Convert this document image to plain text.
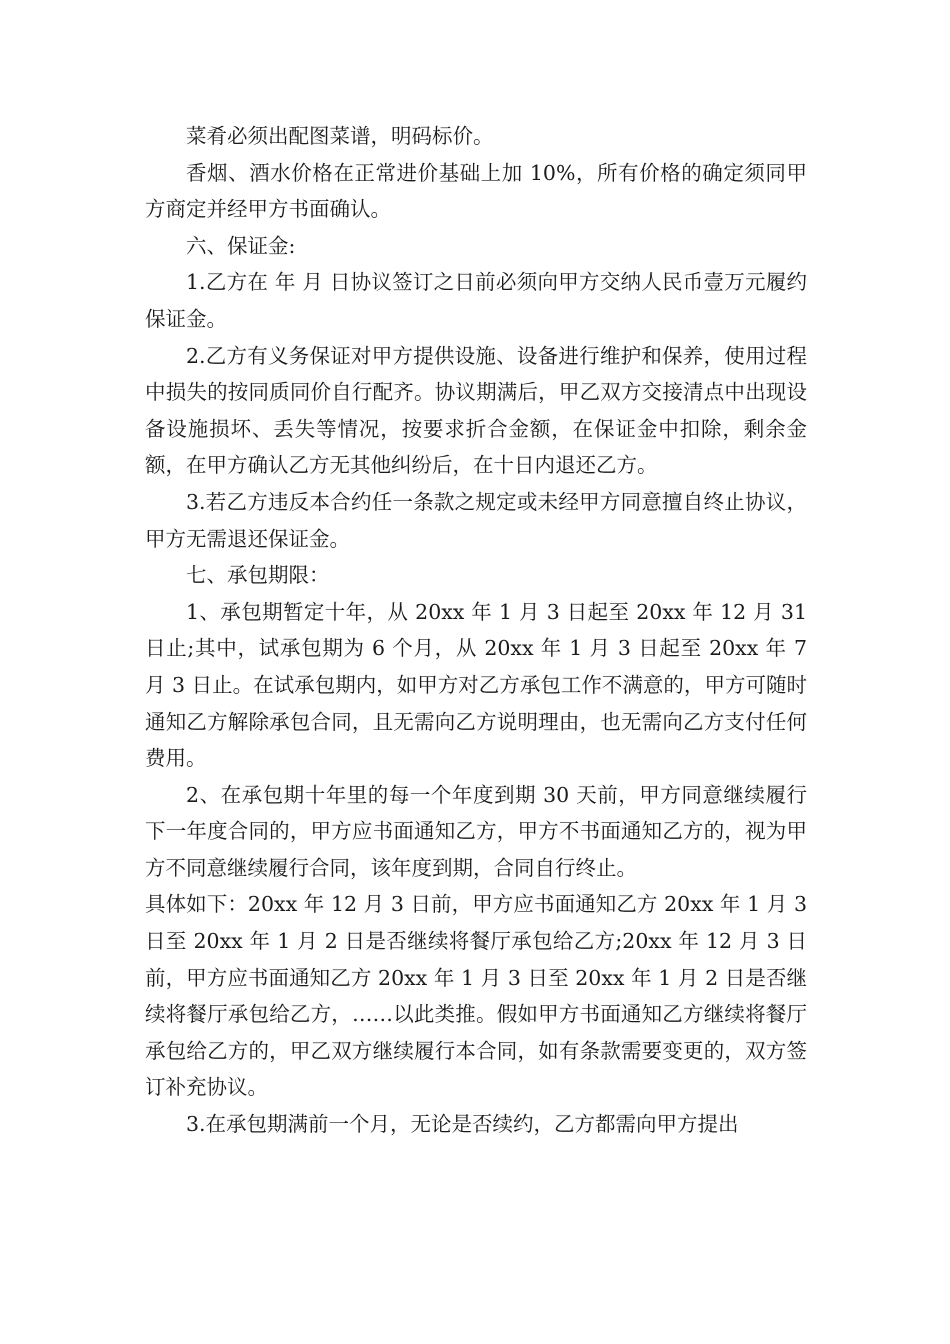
菜肴必须出配图菜谱，明码标价。

香烟、酒水价格在正常进价基础上加 10%，所有价格的确定须同甲方商定并经甲方书面确认。

六、保证金:

1.乙方在 年 月 日协议签订之日前必须向甲方交纳人民币壹万元履约保证金。

2.乙方有义务保证对甲方提供设施、设备进行维护和保养，使用过程中损失的按同质同价自行配齐。协议期满后，甲乙双方交接清点中出现设备设施损坏、丢失等情况，按要求折合金额，在保证金中扣除，剩余金额，在甲方确认乙方无其他纠纷后，在十日内退还乙方。

3.若乙方违反本合约任一条款之规定或未经甲方同意擅自终止协议，甲方无需退还保证金。

七、承包期限：

1、承包期暂定十年，从 20xx 年 1 月 3 日起至 20xx 年 12 月 31 日止;其中，试承包期为 6 个月，从 20xx 年 1 月 3 日起至 20xx 年 7 月 3 日止。在试承包期内，如甲方对乙方承包工作不满意的，甲方可随时通知乙方解除承包合同，且无需向乙方说明理由，也无需向乙方支付任何费用。

2、在承包期十年里的每一个年度到期 30 天前，甲方同意继续履行下一年度合同的，甲方应书面通知乙方，甲方不书面通知乙方的，视为甲方不同意继续履行合同，该年度到期，合同自行终止。

具体如下：20xx 年 12 月 3 日前，甲方应书面通知乙方 20xx 年 1 月 3 日至 20xx 年 1 月 2 日是否继续将餐厅承包给乙方;20xx 年 12 月 3 日前，甲方应书面通知乙方 20xx 年 1 月 3 日至 20xx 年 1 月 2 日是否继续将餐厅承包给乙方，……以此类推。假如甲方书面通知乙方继续将餐厅承包给乙方的，甲乙双方继续履行本合同，如有条款需要变更的，双方签订补充协议。

3.在承包期满前一个月，无论是否续约，乙方都需向甲方提出
